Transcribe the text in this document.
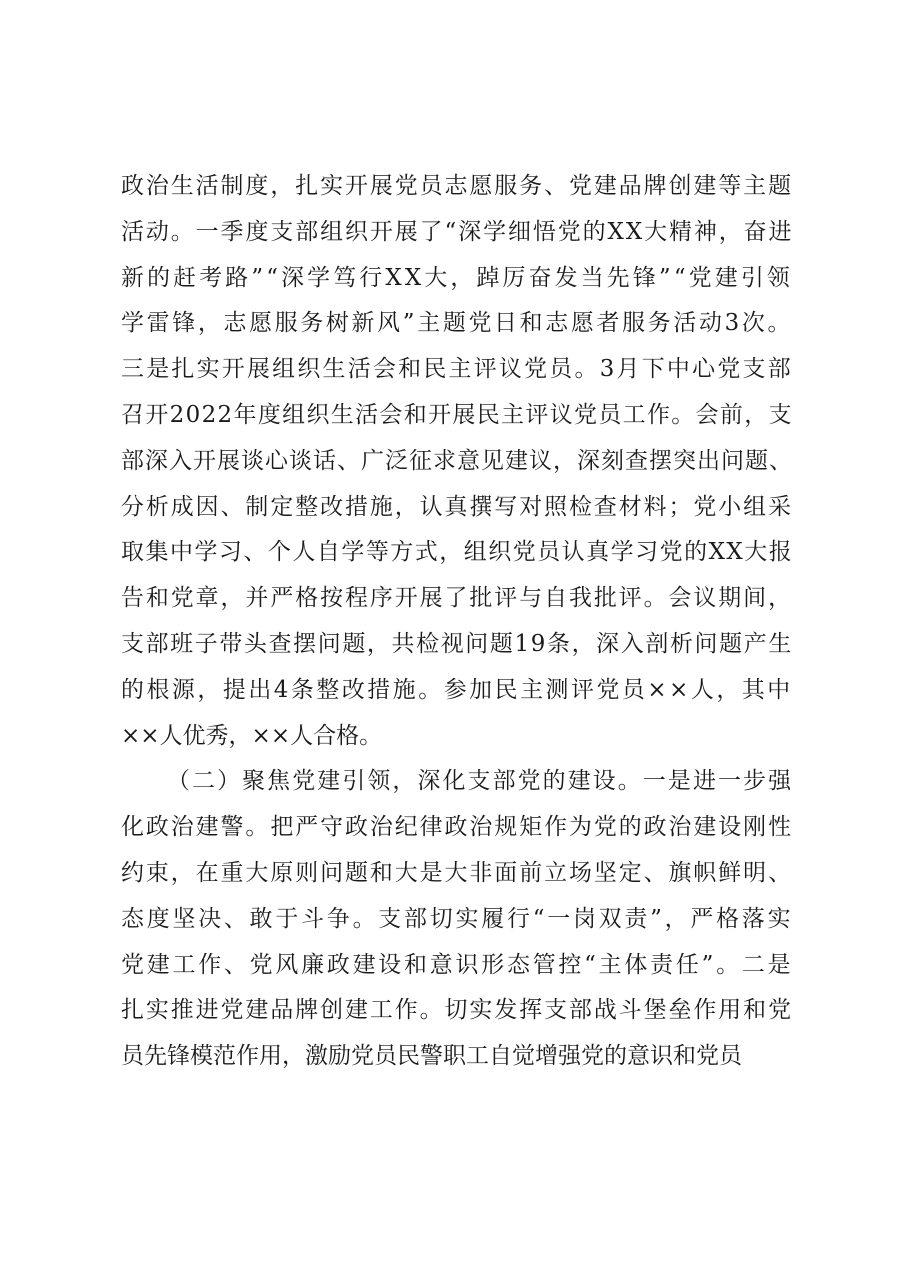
政治生活制度，扎实开展党员志愿服务、党建品牌创建等主题
活动。一季度支部组织开展了“深学细悟党的XX大精神，奋进
新的赶考路”“深学笃行XX大，踔厉奋发当先锋”“党建引领
学雷锋，志愿服务树新风”主题党日和志愿者服务活动3次。
三是扎实开展组织生活会和民主评议党员。3月下中心党支部
召开2022年度组织生活会和开展民主评议党员工作。会前，支
部深入开展谈心谈话、广泛征求意见建议，深刻查摆突出问题、
分析成因、制定整改措施，认真撰写对照检查材料；党小组采
取集中学习、个人自学等方式，组织党员认真学习党的XX大报
告和党章，并严格按程序开展了批评与自我批评。会议期间，
支部班子带头查摆问题，共检视问题19条，深入剖析问题产生
的根源，提出4条整改措施。参加民主测评党员××人，其中
××人优秀，××人合格。
（二）聚焦党建引领，深化支部党的建设。一是进一步强
化政治建警。把严守政治纪律政治规矩作为党的政治建设刚性
约束，在重大原则问题和大是大非面前立场坚定、旗帜鲜明、
态度坚决、敢于斗争。支部切实履行“一岗双责”，严格落实
党建工作、党风廉政建设和意识形态管控“主体责任”。二是
扎实推进党建品牌创建工作。切实发挥支部战斗堡垒作用和党
员先锋模范作用，激励党员民警职工自觉增强党的意识和党员
